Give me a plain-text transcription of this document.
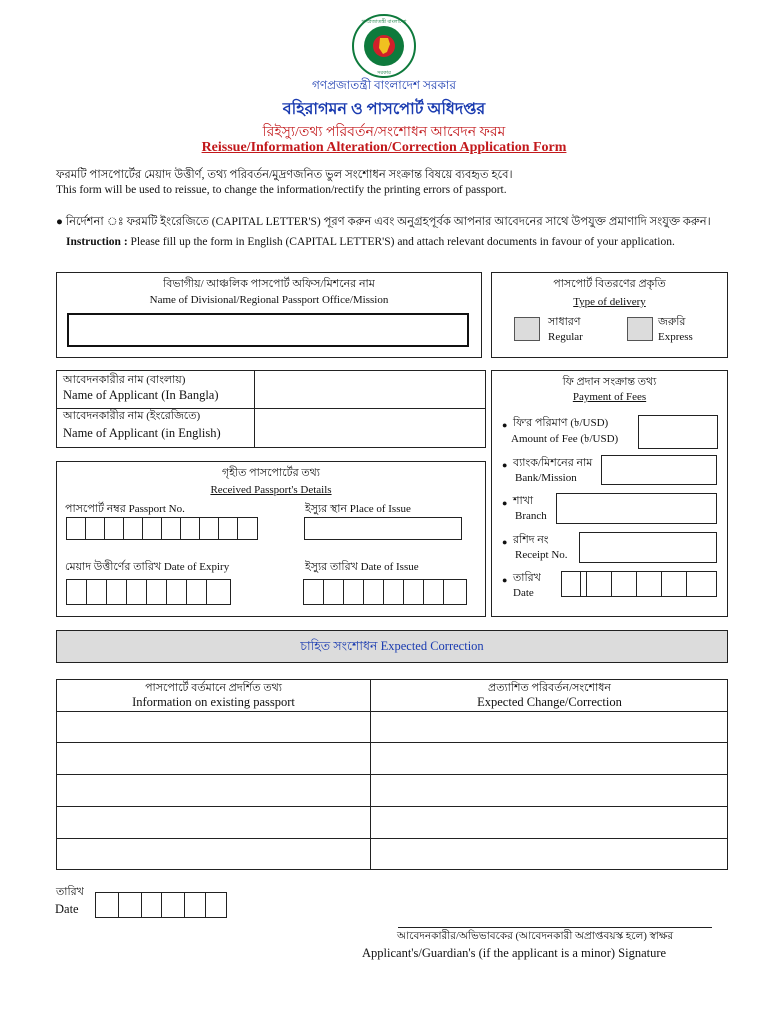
গণপ্রজাতন্ত্রী বাংলাদেশ
সরকার
গণপ্রজাতন্ত্রী বাংলাদেশ সরকার
বহিরাগমন ও পাসপোর্ট অধিদপ্তর
রিইস্যু/তথ্য পরিবর্তন/সংশোধন আবেদন ফরম
Reissue/Information Alteration/Correction Application Form
ফরমটি পাসপোর্টের মেয়াদ উত্তীর্ণ, তথ্য পরিবর্তন/মুদ্রণজনিত ভুল সংশোধন সংক্রান্ত বিষয়ে ব্যবহৃত হবে।
This form will be used to reissue, to change the information/rectify the printing errors of passport.
● নির্দেশনা ঃ ফরমটি ইংরেজিতে (CAPITAL LETTER'S) পূরণ করুন এবং অনুগ্রহপূর্বক আপনার আবেদনের সাথে উপযুক্ত প্রমাণাদি সংযুক্ত করুন।
Instruction : Please fill up the form in English (CAPITAL LETTER'S) and attach relevant documents in favour of your application.
বিভাগীয়/ আঞ্চলিক পাসপোর্ট অফিস/মিশনের নাম
Name of Divisional/Regional Passport Office/Mission
পাসপোর্ট বিতরণের প্রকৃতি
Type of delivery
সাধারণ
Regular
জরুরি
Express
আবেদনকারীর নাম (বাংলায়)
Name of Applicant (In Bangla)
আবেদনকারীর নাম (ইংরেজিতে)
Name of Applicant (in English)
গৃহীত পাসপোর্টের তথ্য
Received Passport's Details
পাসপোর্ট নম্বর Passport No.	ইস্যুর স্থান Place of Issue
মেয়াদ উত্তীর্ণের তারিখ Date of Expiry	ইস্যুর তারিখ Date of Issue
ফি প্রদান সংক্রান্ত তথ্য
Payment of Fees
● ফি'র পরিমাণ (৳/USD)
Amount of Fee (৳/USD)
● ব্যাংক/মিশনের নাম
Bank/Mission
● শাখা
Branch
● রশিদ নং
Receipt No.
● তারিখ
Date
চাহিত সংশোধন Expected Correction
পাসপোর্টে বর্তমানে প্রদর্শিত তথ্য
Information on existing passport
প্রত্যাশিত পরিবর্তন/সংশোধন
Expected Change/Correction
তারিখ
Date
আবেদনকারীর/অভিভাবকের (আবেদনকারী অপ্রাপ্তবয়স্ক হলে) স্বাক্ষর
Applicant's/Guardian's (if the applicant is a minor) Signature
